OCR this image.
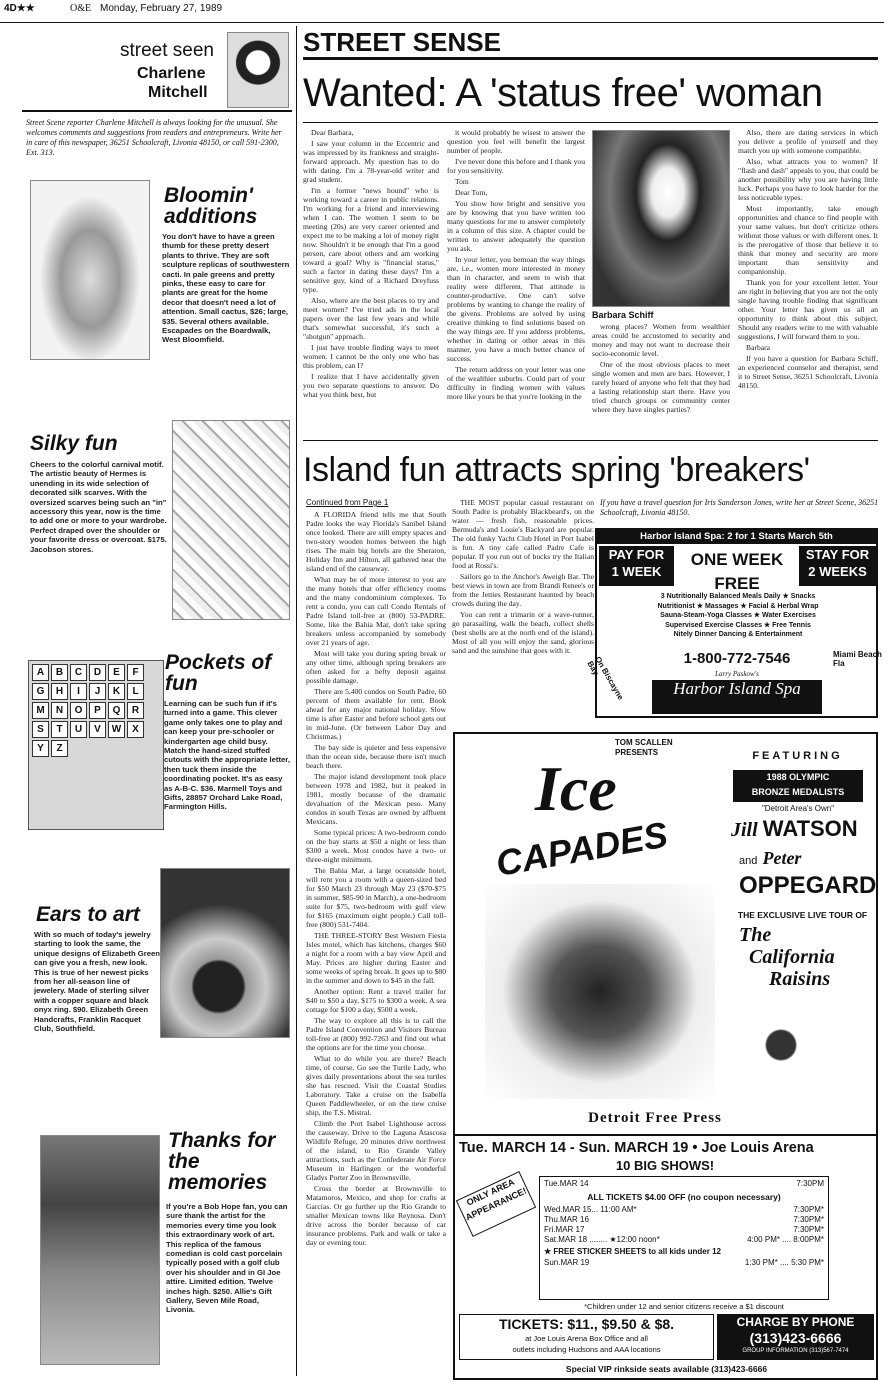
4D★★	O&E Monday, February 27, 1989
street seen
Charlene
Mitchell
Street Scene reporter Charlene Mitchell is always looking for the unusual. She welcomes comments and suggestions from readers and entrepreneurs. Write her in care of this newspaper, 36251 Schoolcraft, Livonia 48150, or call 591-2300, Ext. 313.
Bloomin' additions
You don't have to have a green thumb for these pretty desert plants to thrive. They are soft sculpture replicas of southwestern cacti. In pale greens and pretty pinks, these easy to care for plants are great for the home decor that doesn't need a lot of attention. Small cactus, $26; large, $35. Several others available. Escapades on the Boardwalk, West Bloomfield.
Silky fun
Cheers to the colorful carnival motif. The artistic beauty of Hermes is unending in its wide selection of decorated silk scarves. With the oversized scarves being such an "in" accessory this year, now is the time to add one or more to your wardrobe. Perfect draped over the shoulder or your favorite dress or overcoat. $175. Jacobson stores.
A	B	C	D	E	F
G	H	I	J	K	L
M	N	O	P	Q	R
S	T	U	V	W	X
Y	Z
Pockets of fun
Learning can be such fun if it's turned into a game. This clever game only takes one to play and can keep your pre-schooler or kindergarten age child busy. Match the hand-sized stuffed cutouts with the appropriate letter, then tuck them inside the coordinating pocket. It's as easy as A-B-C. $36. Marmell Toys and Gifts, 28857 Orchard Lake Road, Farmington Hills.
Ears to art
With so much of today's jewelry starting to look the same, the unique designs of Elizabeth Green can give you a fresh, new look. This is true of her newest picks from her all-season line of jewelery. Made of sterling silver with a copper square and black onyx ring. $90. Elizabeth Green Handcrafts, Franklin Racquet Club, Southfield.
Thanks for the memories
If you're a Bob Hope fan, you can sure thank the artist for the memories every time you look this extraordinary work of art. This replica of the famous comedian is cold cast porcelain typically posed with a golf club over his shoulder and in GI Joe attire. Limited edition. Twelve inches high. $250. Allie's Gift Gallery, Seven Mile Road, Livonia.
STREET SENSE
Wanted: A 'status free' woman

Dear Barbara,

I saw your column in the Eccentric and was impressed by its frankness and straight-forward approach. My question has to do with dating. I'm a 78-year-old writer and grad student.

I'm a former "news hound" who is working toward a career in public relations. I'm working for a friend and interviewing when I can. The women I seem to be meeting (20s) are very career oriented and expect me to be making a lot of money right now. Shouldn't it be enough that I'm a good person, care about others and am working toward a goal? Why is "financial status," such a factor in dating these days? I'm a sensitive guy, kind of a Richard Dreyfuss type.

Also, where are the best places to try and meet women? I've tried ads in the local papers over the last few years and while that's somewhat successful, it's such a "shotgun" approach.

I just have trouble finding ways to meet women. I cannot be the only one who has this problem, can I?

I realize that I have accidentally given you two separate questions to answer. Do what you think best, but

it would probably be wisest to answer the question you feel will benefit the largest number of people.

I've never done this before and I thank you for you sensitivity.

Tom

Dear Tom,

You show how bright and sensitive you are by knowing that you have written too many questions for me to answer completely in a column of this size. A chapter could be written to answer adequately the question you ask.

In your letter, you bemoan the way things are, i.e., women more interested in money than in character, and seem to wish that reality were different. That attitude is counter-productive. One can't solve problems by wanting to change the reality of the givens. Problems are solved by using creative thinking to find solutions based on the way things are. If you address problems, whether in dating or other areas in this manner, you have a much better chance of success.

The return address on your letter was one of the wealthier suburbs. Could part of your difficulty in finding women with values more like yours be that you're looking in the

Barbara Schiff

wrong places? Women from wealthier areas could be accustomed to security and money and may not want to decrease their socio-economic level.

One of the most obvious places to meet single women and men are bars. However, I rarely heard of anyone who felt that they had a lasting relationship start there. Have you tried church groups or community center where they have singles parties?

Also, there are dating services in which you deliver a profile of yourself and they match you up with someone compatible.

Also, what attracts you to women? If "flash and dash" appeals to you, that could be another possibility why you are having little luck. Perhaps you have to look harder for the less noticeable types.

Most importantly, take enough opportunities and chance to find people with your same values, but don't criticize others without those values or with different ones. It is the prerogative of those that believe it to think that money and security are more important than sensitivity and companionship.

Thank you for your excellent letter. Your are right in believing that you are not the only single having trouble finding that significant other. Your letter has given us all an opportunity to think about this subject. Should any readers write to me with valuable suggestions, I will forward them to you.

Barbara

If you have a question for Barbara Schiff, an experienced counselor and therapist, send it to Street Sense, 36251 Schoolcraft, Livonia 48150.

Island fun attracts spring 'breakers'
Continued from Page 1

A FLORIDA friend tells me that South Padre looks the way Florida's Sanibel Island once looked. There are still empty spaces and two-story wooden homes between the high rises. The main big hotels are the Sheraton, Holiday Inn and Hilton, all gathered near the island end of the causeway.

What may be of more interest to you are the many hotels that offer efficiency rooms and the many condominium complexes. To rent a condo, you can call Condo Rentals of Padre Island toll-free at (800) 53-PADRE. Some, like the Bahia Mar, don't take spring breakers unless accompanied by somebody over 21 years of age.

Most will take you during spring break or any other time, although spring breakers are often asked for a hefty deposit against possible damage.

There are 5,400 condos on South Padre, 60 percent of them available for rent. Book ahead for any major national holiday. Slow time is after Easter and before school gets out in mid-June. (Or between Labor Day and Christmas.)

The bay side is quieter and less expensive than the ocean side, because there isn't much beach there.

The major island development took place between 1978 and 1982, but it peaked in 1981, mostly because of the dramatic devaluation of the Mexican peso. Many condos in south Texas are owned by affluent Mexicans.

Some typical prices: A two-bedroom condo on the bay starts at $50 a night or less than $300 a week. Most condos have a two- or three-night minimum.

The Bahia Mar, a large oceanside hotel, will rent you a room with a queen-sized bed for $50 March 23 through May 23 ($70-$75 in summer, $85-90 in March), a one-bedroom suite for $75, two-bedroom with gulf view for $165 (maximum eight people.) Call toll-free (800) 531-7404.

THE THREE-STORY Best Western Fiesta Isles motel, which has kitchens, charges $60 a night for a room with a bay view April and May. Prices are higher during Easter and some weeks of spring break. It goes up to $80 in the summer and down to $45 in the fall.

Another option: Rent a travel trailer for $40 to $50 a day, $175 to $300 a week. A sea cottage for $100 a day, $500 a week.

The way to explore all this is to call the Padre Island Convention and Visitors Bureau toll-free at (800) 992-7263 and find out what the options are for the time you choose.

What to do while you are there? Beach time, of course. Go see the Turtle Lady, who gives daily presentations about the sea turtles she has rescued. Visit the Coastal Studies Laboratory. Take a cruise on the Isabella Queen Paddlewheeler, or on the new cruise ship, the T.S. Mistral.

Climb the Port Isabel Lighthouse across the causeway. Drive to the Laguna Atascosa Wildlife Refuge, 20 minutes drive northwest of the island, to Rio Grande Valley attractions, such as the Confederate Air Force Museum in Harlingen or the wonderful Gladys Porter Zoo in Brownsville.

Cross the border at Brownsville to Matamoros, Mexico, and shop for crafts at Garcias. Or go further up the Rio Grande to smaller Mexican towns like Reynosa. Don't drive across the border because of car insurance problems. Park and walk or take a day or evening tour.

THE MOST popular casual restaurant on South Padre is probably Blackbeard's, on the water — fresh fish, reasonable prices. Bermuda's and Louie's Backyard are popular. The old funky Yacht Club Hotel in Port Isabel is fun. A tiny cafe called Padre Cafe is popular. If you run out of bucks try the Italian food at Rossi's.

Sailors go to the Anchor's Aweigh Bar. The best views in town are from Brandi Renee's or from the Jetties Restaurant haunted by beach crowds during the day.

You can rent a trimarin or a wave-runner, go parasailing, walk the beach, collect shells (best shells are at the north end of the island). Most of all you will enjoy the sand, glorious sand and the sunshine that goes with it.

If you have a travel question for Iris Sanderson Jones, write her at Street Scene, 36251 Schoolcraft, Livonia 48150.
Harbor Island Spa: 2 for 1 Starts March 5th
PAY FOR
1 WEEK
STAY FOR
2 WEEKS
ONE WEEK FREE
3 Nutritionally Balanced Meals Daily ★ Snacks
Nutritionist ★ Massages ★ Facial & Herbal Wrap
Sauna-Steam-Yoga Classes ★ Water Exercises
Supervised Exercise Classes ★ Free Tennis
Nitely Dinner Dancing & Entertainment
1-800-772-7546
Larry Paskow's
Harbor Island Spa
On Biscayne Bay
Miami Beach Fla
TOM SCALLEN PRESENTS
Ice
CAPADES
FEATURING
1988 OLYMPIC
BRONZE MEDALISTS
"Detroit Area's Own"
Jill WATSON
and Peter
OPPEGARD
THE EXCLUSIVE LIVE TOUR OF
The
California
Raisins
Detroit Free Press
Tue. MARCH 14 - Sun. MARCH 19 • Joe Louis Arena
10 BIG SHOWS!
ONLY AREA APPEARANCE!
Tue.MAR 14	7:30PM
ALL TICKETS $4.00 OFF (no coupon necessary)
Wed.MAR 15... 11:00 AM*	7:30PM*
Thu.MAR 16	7:30PM*
Fri.MAR 17	7:30PM*
Sat.MAR 18 ........ ★12:00 noon*	4:00 PM* .... 8:00PM*
★ FREE STICKER SHEETS to all kids under 12
Sun.MAR 19	1:30 PM* .... 5:30 PM*
*Children under 12 and senior citizens receive a $1 discount
TICKETS: $11., $9.50 & $8.
at Joe Louis Arena Box Office and all
outlets including Hudsons and AAA locations
CHARGE BY PHONE
(313)423-6666
GROUP INFORMATION (313)567-7474
Special VIP rinkside seats available (313)423-6666
